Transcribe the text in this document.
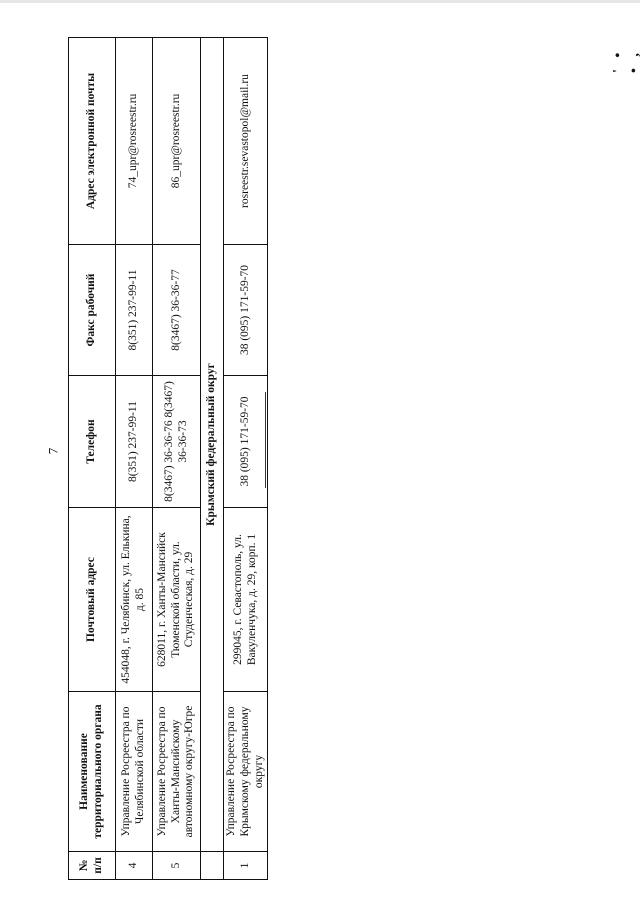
' • • ,
7
№ п/п	Наименование территориального органа	Почтовый адрес	Телефон	Факс рабочий	Адрес электронной почты
4	Управление Росреестра по Челябинской области	454048, г. Челябинск, ул. Елькина, д. 85	8(351) 237-99-11	8(351) 237-99-11	74_upr@rosreestr.ru
5	Управление Росреестра по Ханты-Мансийскому автономному округу-Югре	628011, г. Ханты-Мансийск Тюменской области, ул. Студенческая, д. 29	8(3467) 36-36-76 8(3467) 36-36-73	8(3467) 36-36-77	86_upr@rosreestr.ru
	Крымский федеральный округ				
1	Управление Росреестра по Крымскому федеральному округу	299045, г. Севастополь, ул. Вакуленчука, д. 29, корп. 1	38 (095) 171-59-70	38 (095) 171-59-70	rosreestr.sevastopol@mail.ru
